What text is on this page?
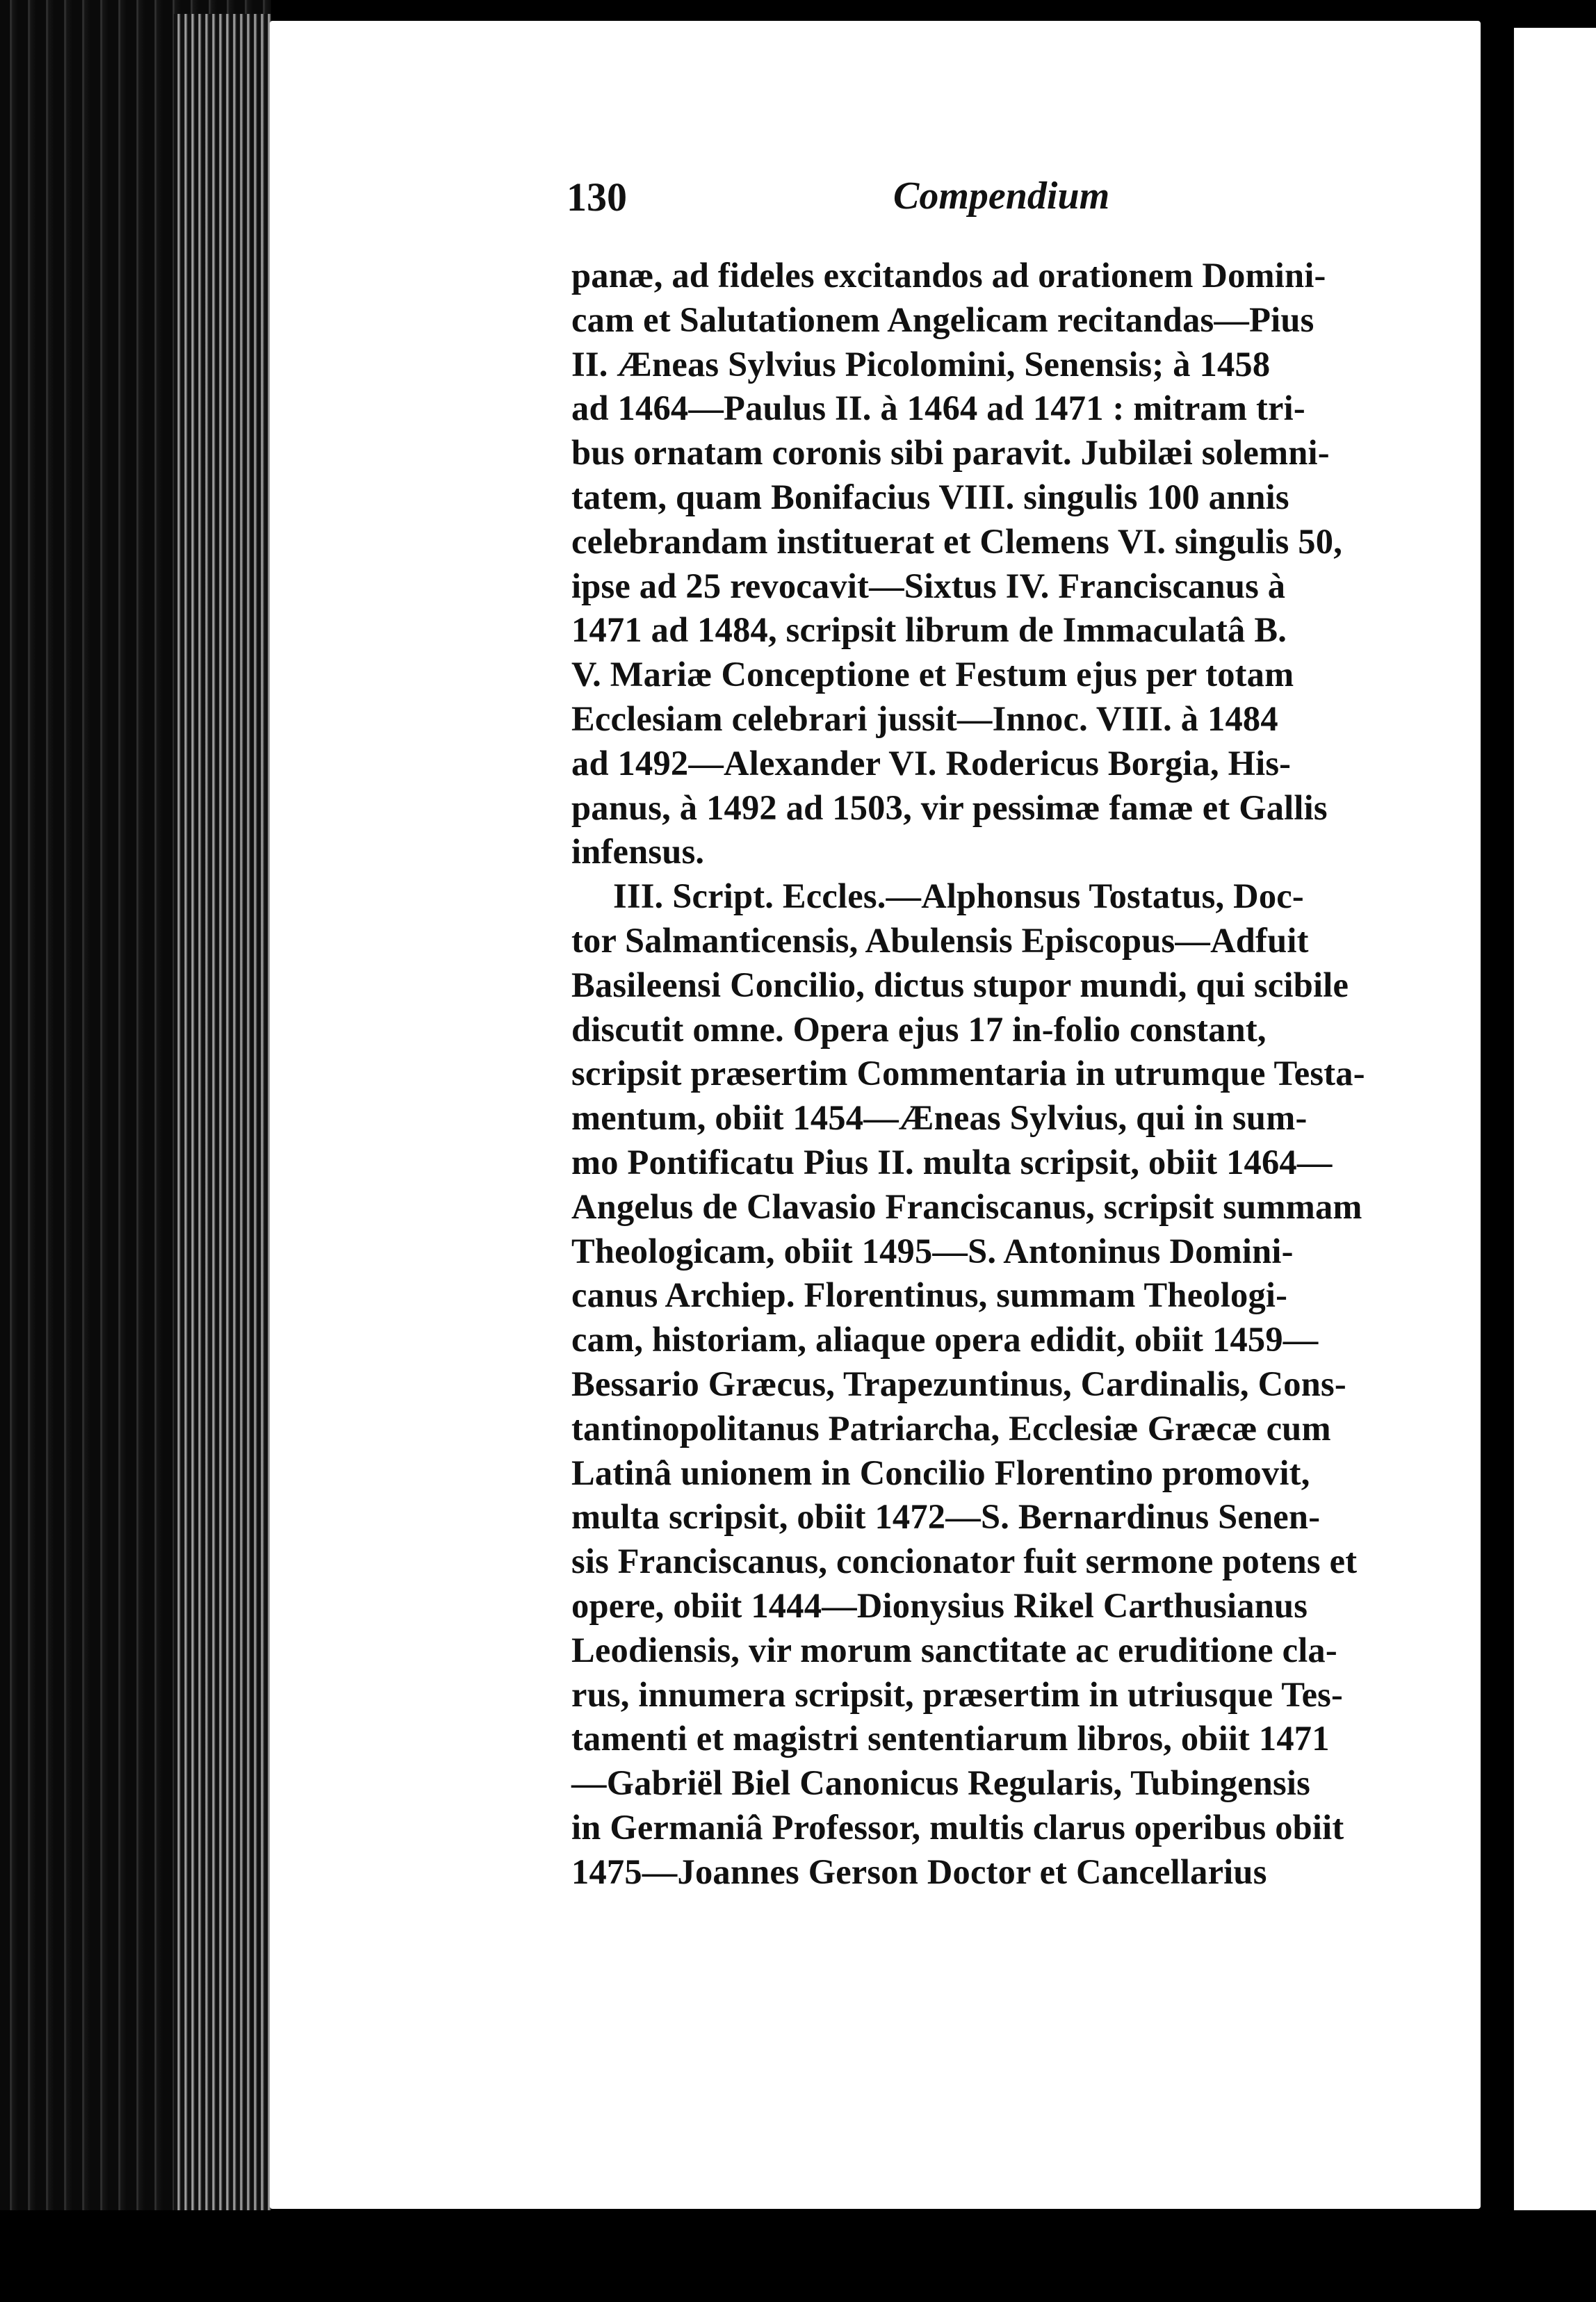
130	Compendium
panæ, ad fideles excitandos ad orationem Domini-
cam et Salutationem Angelicam recitandas—Pius
II. Æneas Sylvius Picolomini, Senensis; à 1458
ad 1464—Paulus II. à 1464 ad 1471 : mitram tri-
bus ornatam coronis sibi paravit. Jubilæi solemni-
tatem, quam Bonifacius VIII. singulis 100 annis
celebrandam instituerat et Clemens VI. singulis 50,
ipse ad 25 revocavit—Sixtus IV. Franciscanus à
1471 ad 1484, scripsit librum de Immaculatâ B.
V. Mariæ Conceptione et Festum ejus per totam
Ecclesiam celebrari jussit—Innoc. VIII. à 1484
ad 1492—Alexander VI. Rodericus Borgia, His-
panus, à 1492 ad 1503, vir pessimæ famæ et Gallis
infensus.
III. Script. Eccles.—Alphonsus Tostatus, Doc-
tor Salmanticensis, Abulensis Episcopus—Adfuit
Basileensi Concilio, dictus stupor mundi, qui scibile
discutit omne. Opera ejus 17 in-folio constant,
scripsit præsertim Commentaria in utrumque Testa-
mentum, obiit 1454—Æneas Sylvius, qui in sum-
mo Pontificatu Pius II. multa scripsit, obiit 1464—
Angelus de Clavasio Franciscanus, scripsit summam
Theologicam, obiit 1495—S. Antoninus Domini-
canus Archiep. Florentinus, summam Theologi-
cam, historiam, aliaque opera edidit, obiit 1459—
Bessario Græcus, Trapezuntinus, Cardinalis, Cons-
tantinopolitanus Patriarcha, Ecclesiæ Græcæ cum
Latinâ unionem in Concilio Florentino promovit,
multa scripsit, obiit 1472—S. Bernardinus Senen-
sis Franciscanus, concionator fuit sermone potens et
opere, obiit 1444—Dionysius Rikel Carthusianus
Leodiensis, vir morum sanctitate ac eruditione cla-
rus, innumera scripsit, præsertim in utriusque Tes-
tamenti et magistri sententiarum libros, obiit 1471
—Gabriël Biel Canonicus Regularis, Tubingensis
in Germaniâ Professor, multis clarus operibus obiit
1475—Joannes Gerson Doctor et Cancellarius
